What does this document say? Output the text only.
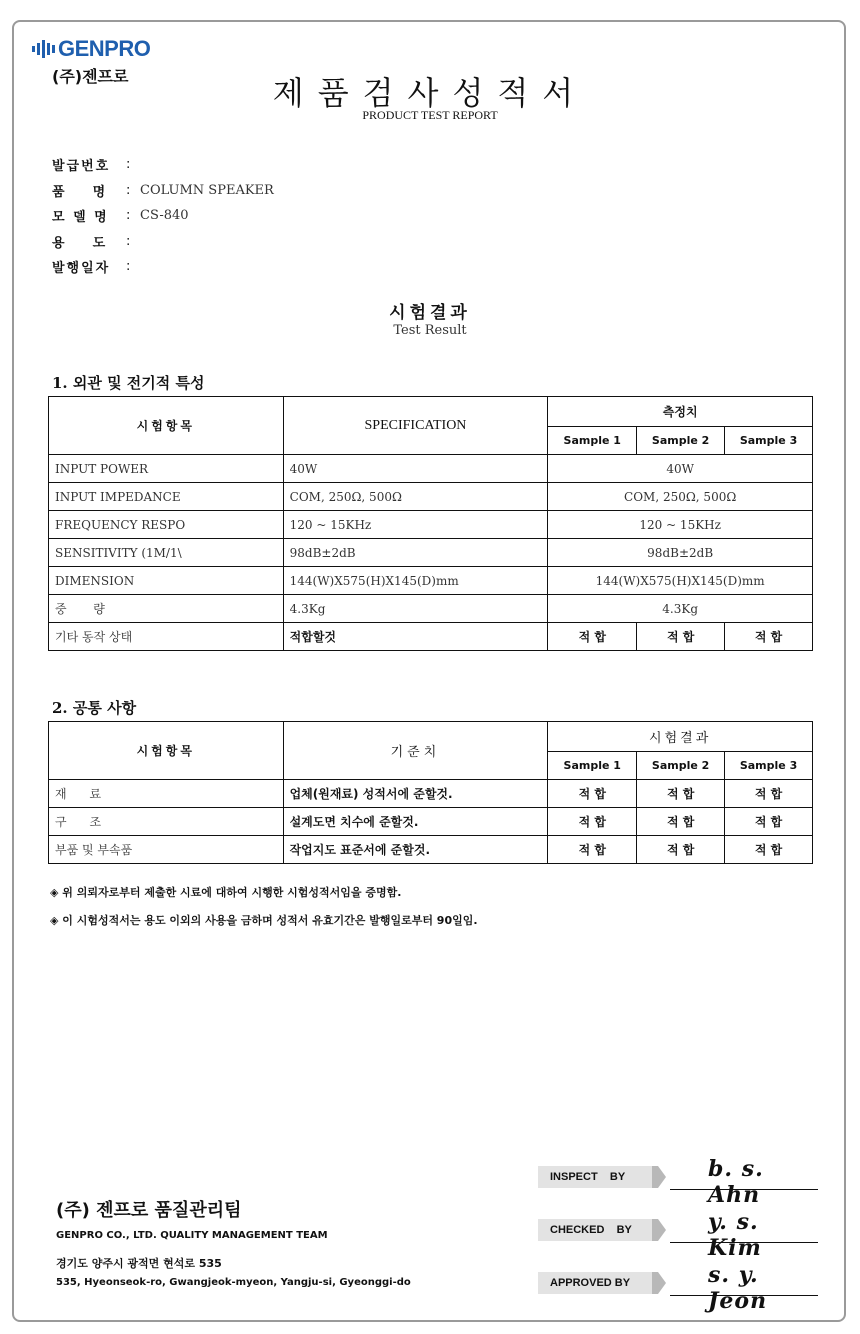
GENPRO
(주)젠프로	제품검사성적서
PRODUCT TEST REPORT
발급번호	:
품    명	: COLUMN SPEAKER
모 델 명	: CS-840
용    도	:
발행일자	:
시험결과
Test Result
1. 외관 및 전기적 특성
시험항목	SPECIFICATION	측정치		
		Sample 1	Sample 2	Sample 3
INPUT POWER	40W	40W		
INPUT IMPEDANCE	COM, 250Ω, 500Ω	COM, 250Ω, 500Ω		
FREQUENCY RESPO	120 ~ 15KHz	120 ~ 15KHz		
SENSITIVITY (1M/1\	98dB±2dB	98dB±2dB		
DIMENSION	144(W)X575(H)X145(D)mm	144(W)X575(H)X145(D)mm		
중       량	4.3Kg	4.3Kg		
기타 동작 상태	적합할것	적 합	적 합	적 합
2. 공통 사항
시험항목	기준치	시험결과		
		Sample 1	Sample 2	Sample 3
재      료	업체(원재료) 성적서에 준할것.	적 합	적 합	적 합
구      조	설계도면 치수에 준할것.	적 합	적 합	적 합
부품 및 부속품	작업지도 표준서에 준할것.	적 합	적 합	적 합
◈ 위 의뢰자로부터 제출한 시료에 대하여 시행한 시험성적서임을 증명함.
◈ 이 시험성적서는 용도 이외의 사용을 금하며 성적서 유효기간은 발행일로부터 90일임.
(주) 젠프로 품질관리팀
GENPRO CO., LTD. QUALITY MANAGEMENT TEAM
경기도 양주시 광적면 현석로 535
535, Hyeonseok-ro, Gwangjeok-myeon, Yangju-si, Gyeonggi-do
INSPECT    BY	b. s. Ahn
CHECKED    BY	y. s. Kim
APPROVED BY	s. y. Jeon
